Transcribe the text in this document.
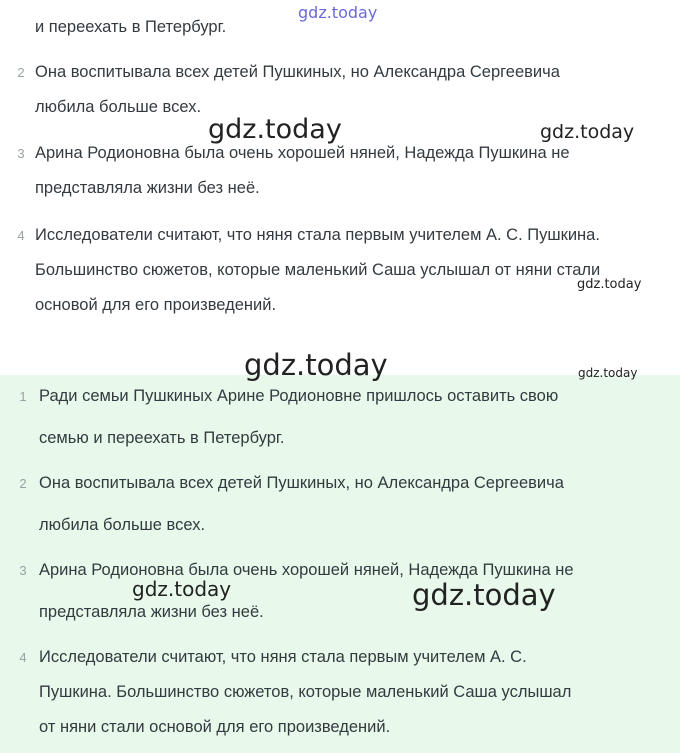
и переехать в Петербург.
2 Она воспитывала всех детей Пушкиных, но Александра Сергеевича
любила больше всех.
3 Арина Родионовна была очень хорошей няней, Надежда Пушкина не
представляла жизни без неё.
4 Исследователи считают, что няня стала первым учителем А. С. Пушкина.
Большинство сюжетов, которые маленький Саша услышал от няни стали
основой для его произведений.
1 Ради семьи Пушкиных Арине Родионовне пришлось оставить свою
семью и переехать в Петербург.
2 Она воспитывала всех детей Пушкиных, но Александра Сергеевича
любила больше всех.
3 Арина Родионовна была очень хорошей няней, Надежда Пушкина не
представляла жизни без неё.
4 Исследователи считают, что няня стала первым учителем А. С.
Пушкина. Большинство сюжетов, которые маленький Саша услышал
от няни стали основой для его произведений.
gdz.today
gdz.today	gdz.today
gdz.today
gdz.today	gdz.today
gdz.today	gdz.today
